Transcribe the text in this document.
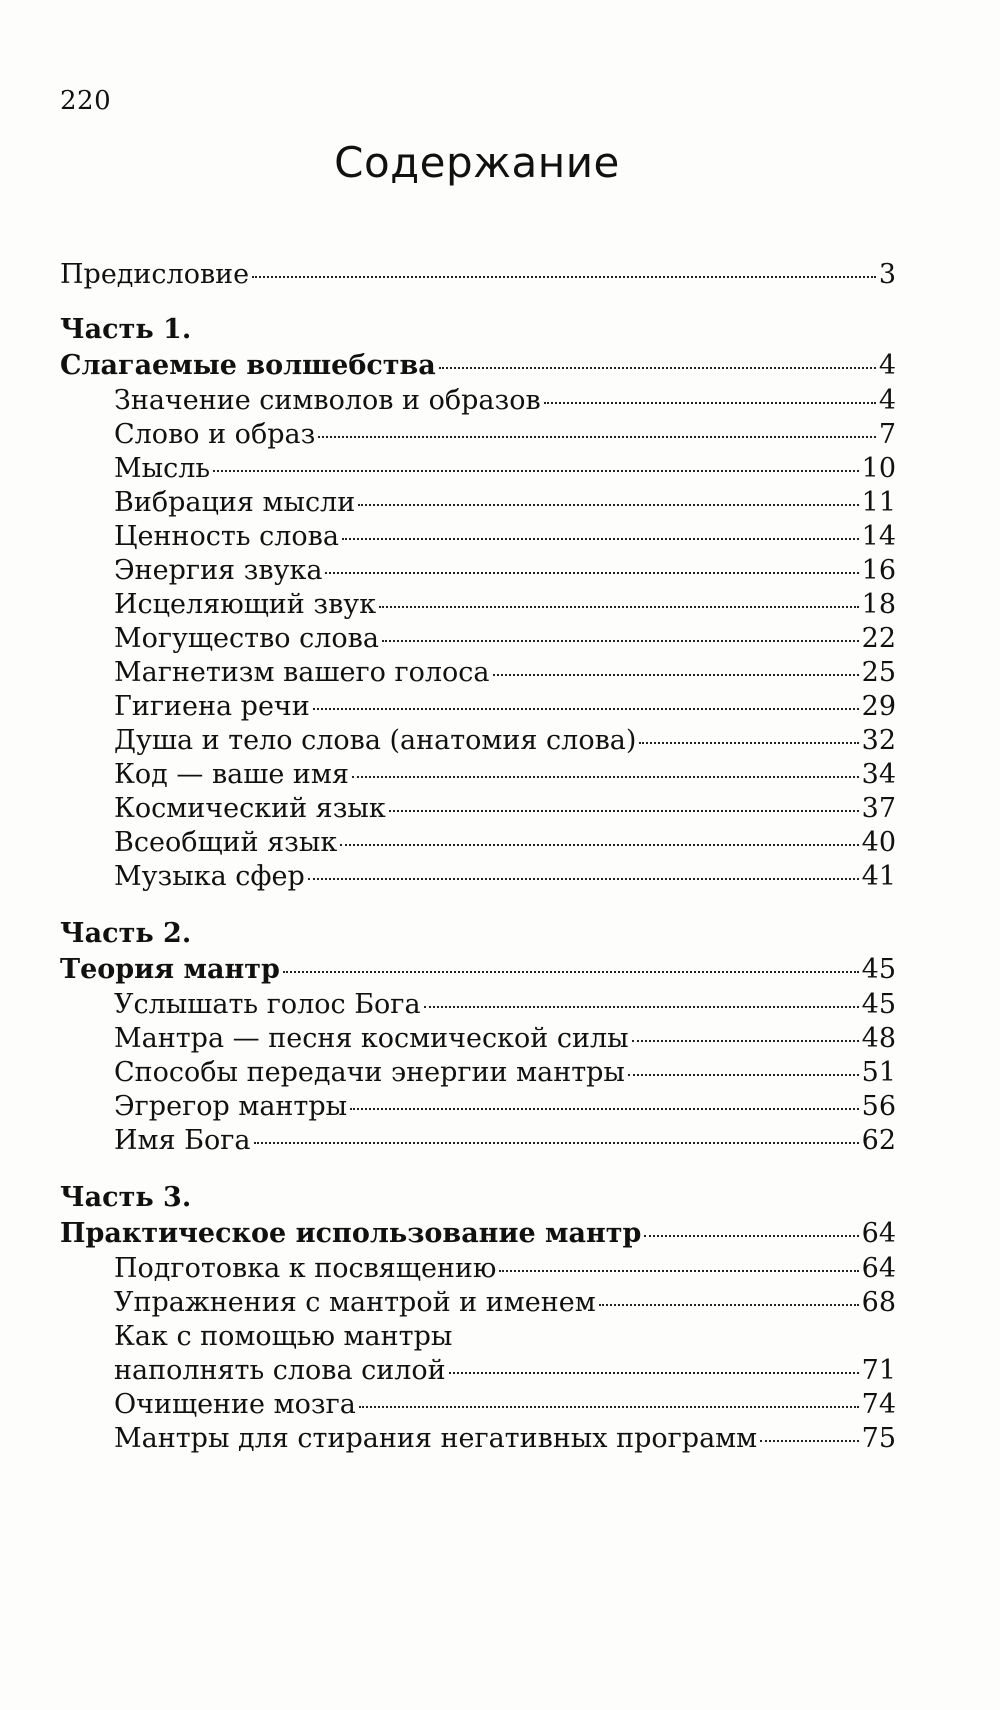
220
Содержание
Предисловие	3
Часть 1.
Слагаемые волшебства	4
Значение символов и образов	4
Слово и образ	7
Мысль	10
Вибрация мысли	11
Ценность слова	14
Энергия звука	16
Исцеляющий звук	18
Могущество слова	22
Магнетизм вашего голоса	25
Гигиена речи	29
Душа и тело слова (анатомия слова)	32
Код — ваше имя	34
Космический язык	37
Всеобщий язык	40
Музыка сфер	41
Часть 2.
Теория мантр	45
Услышать голос Бога	45
Мантра — песня космической силы	48
Способы передачи энергии мантры	51
Эгрегор мантры	56
Имя Бога	62
Часть 3.
Практическое использование мантр	64
Подготовка к посвящению	64
Упражнения с мантрой и именем	68
Как с помощью мантры
наполнять слова силой	71
Очищение мозга	74
Мантры для стирания негативных программ	75
